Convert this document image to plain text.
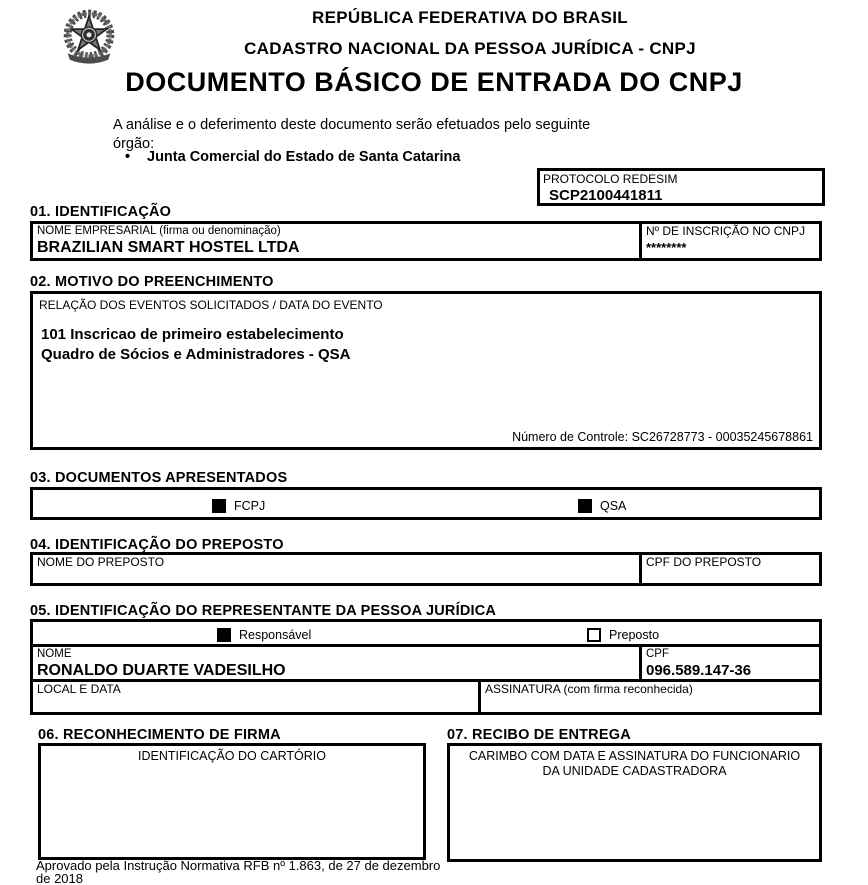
REPÚBLICA FEDERATIVA DO BRASIL
CADASTRO NACIONAL DA PESSOA JURÍDICA - CNPJ
DOCUMENTO BÁSICO DE ENTRADA DO CNPJ
A análise e o deferimento deste documento serão efetuados pelo seguinte
órgão:
• Junta Comercial do Estado de Santa Catarina
PROTOCOLO REDESIM
SCP2100441811
01. IDENTIFICAÇÃO
NOME EMPRESARIAL (firma ou denominação)
BRAZILIAN SMART HOSTEL LTDA
Nº DE INSCRIÇÃO NO CNPJ
********
02. MOTIVO DO PREENCHIMENTO
RELAÇÃO DOS EVENTOS SOLICITADOS / DATA DO EVENTO
101 Inscricao de primeiro estabelecimento
Quadro de Sócios e Administradores - QSA
Número de Controle: SC26728773 - 00035245678861
03. DOCUMENTOS APRESENTADOS
FCPJ	QSA
04. IDENTIFICAÇÃO DO PREPOSTO
NOME DO PREPOSTO	CPF DO PREPOSTO
05. IDENTIFICAÇÃO DO REPRESENTANTE DA PESSOA JURÍDICA
Responsável	Preposto
NOME
RONALDO DUARTE VADESILHO
CPF
096.589.147-36
LOCAL E DATA	ASSINATURA (com firma reconhecida)
06. RECONHECIMENTO DE FIRMA
IDENTIFICAÇÃO DO CARTÓRIO
07. RECIBO DE ENTREGA
CARIMBO COM DATA E ASSINATURA DO FUNCIONARIO DA UNIDADE CADASTRADORA
Aprovado pela Instrução Normativa RFB nº 1.863, de 27 de dezembro
de 2018
